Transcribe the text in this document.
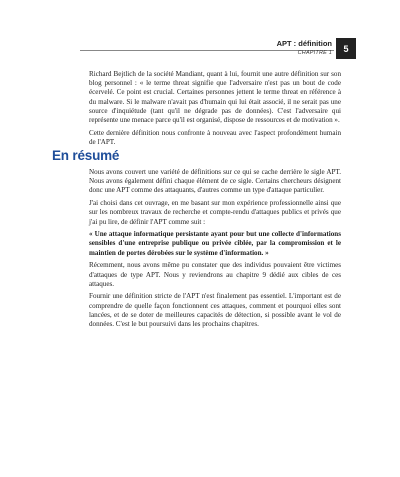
APT : définition
CHAPITRE 1	5

Richard Bejtlich de la société Mandiant, quant à lui, fournit une autre définition sur son blog personnel : « le terme threat signifie que l'adversaire n'est pas un bout de code écervelé. Ce point est crucial. Certaines personnes jettent le terme threat en référence à du malware. Si le malware n'avait pas d'humain qui lui était associé, il ne serait pas une source d'inquiétude (tant qu'il ne dégrade pas de données). C'est l'adversaire qui représente une menace parce qu'il est organisé, dispose de ressources et de motivation ».

Cette dernière définition nous confronte à nouveau avec l'aspect profondément humain de l'APT.

En résumé

Nous avons couvert une variété de définitions sur ce qui se cache derrière le sigle APT. Nous avons également défini chaque élément de ce sigle. Certains chercheurs désignent donc une APT comme des attaquants, d'autres comme un type d'attaque particulier.

J'ai choisi dans cet ouvrage, en me basant sur mon expérience professionnelle ainsi que sur les nombreux travaux de recherche et compte-rendu d'attaques publics et privés que j'ai pu lire, de définir l'APT comme suit :

« Une attaque informatique persistante ayant pour but une collecte d'informations sensibles d'une entreprise publique ou privée ciblée, par la compromission et le maintien de portes dérobées sur le système d'information. »

Récemment, nous avons même pu constater que des individus pouvaient être victimes d'attaques de type APT. Nous y reviendrons au chapitre 9 dédié aux cibles de ces attaques.

Fournir une définition stricte de l'APT n'est finalement pas essentiel. L'important est de comprendre de quelle façon fonctionnent ces attaques, comment et pourquoi elles sont lancées, et de se doter de meilleures capacités de détection, si possible avant le vol de données. C'est le but poursuivi dans les prochains chapitres.
